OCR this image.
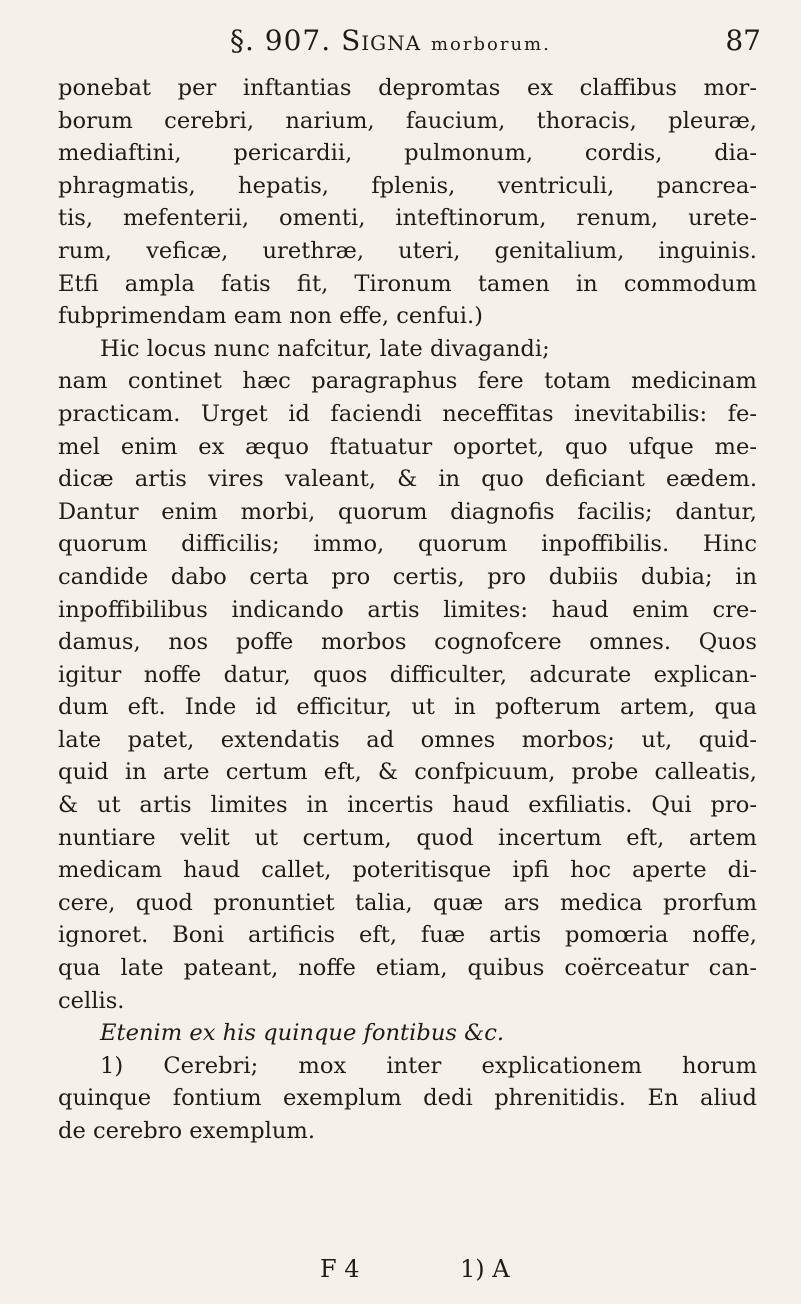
§. 907. Signa morborum.	87

ponebat per inftantias depromtas ex claffibus mor-
borum cerebri, narium, faucium, thoracis, pleuræ,
mediaftini, pericardii, pulmonum, cordis, dia-
phragmatis, hepatis, fplenis, ventriculi, pancrea-
tis, mefenterii, omenti, inteftinorum, renum, urete-
rum, veficæ, urethræ, uteri, genitalium, inguinis.
Etfi ampla fatis fit, Tironum tamen in commodum
fubprimendam eam non effe, cenfui.)

Hic locus nunc nafcitur, late divagandi;
nam continet hæc paragraphus fere totam medicinam
practicam. Urget id faciendi neceffitas inevitabilis: fe-
mel enim ex æquo ftatuatur oportet, quo ufque me-
dicæ artis vires valeant, & in quo deficiant eædem.
Dantur enim morbi, quorum diagnofis facilis; dantur,
quorum difficilis; immo, quorum inpoffibilis. Hinc
candide dabo certa pro certis, pro dubiis dubia; in
inpoffibilibus indicando artis limites: haud enim cre-
damus, nos poffe morbos cognofcere omnes. Quos
igitur noffe datur, quos difficulter, adcurate explican-
dum eft. Inde id efficitur, ut in pofterum artem, qua
late patet, extendatis ad omnes morbos; ut, quid-
quid in arte certum eft, & confpicuum, probe calleatis,
& ut artis limites in incertis haud exfiliatis. Qui pro-
nuntiare velit ut certum, quod incertum eft, artem
medicam haud callet, poteritisque ipfi hoc aperte di-
cere, quod pronuntiet talia, quæ ars medica prorfum
ignoret. Boni artificis eft, fuæ artis pomœria noffe,
qua late pateant, noffe etiam, quibus coërceatur can-
cellis.

Etenim ex his quinque fontibus &c.

1) Cerebri; mox inter explicationem horum
quinque fontium exemplum dedi phrenitidis. En aliud
de cerebro exemplum.

F 4	1) A
